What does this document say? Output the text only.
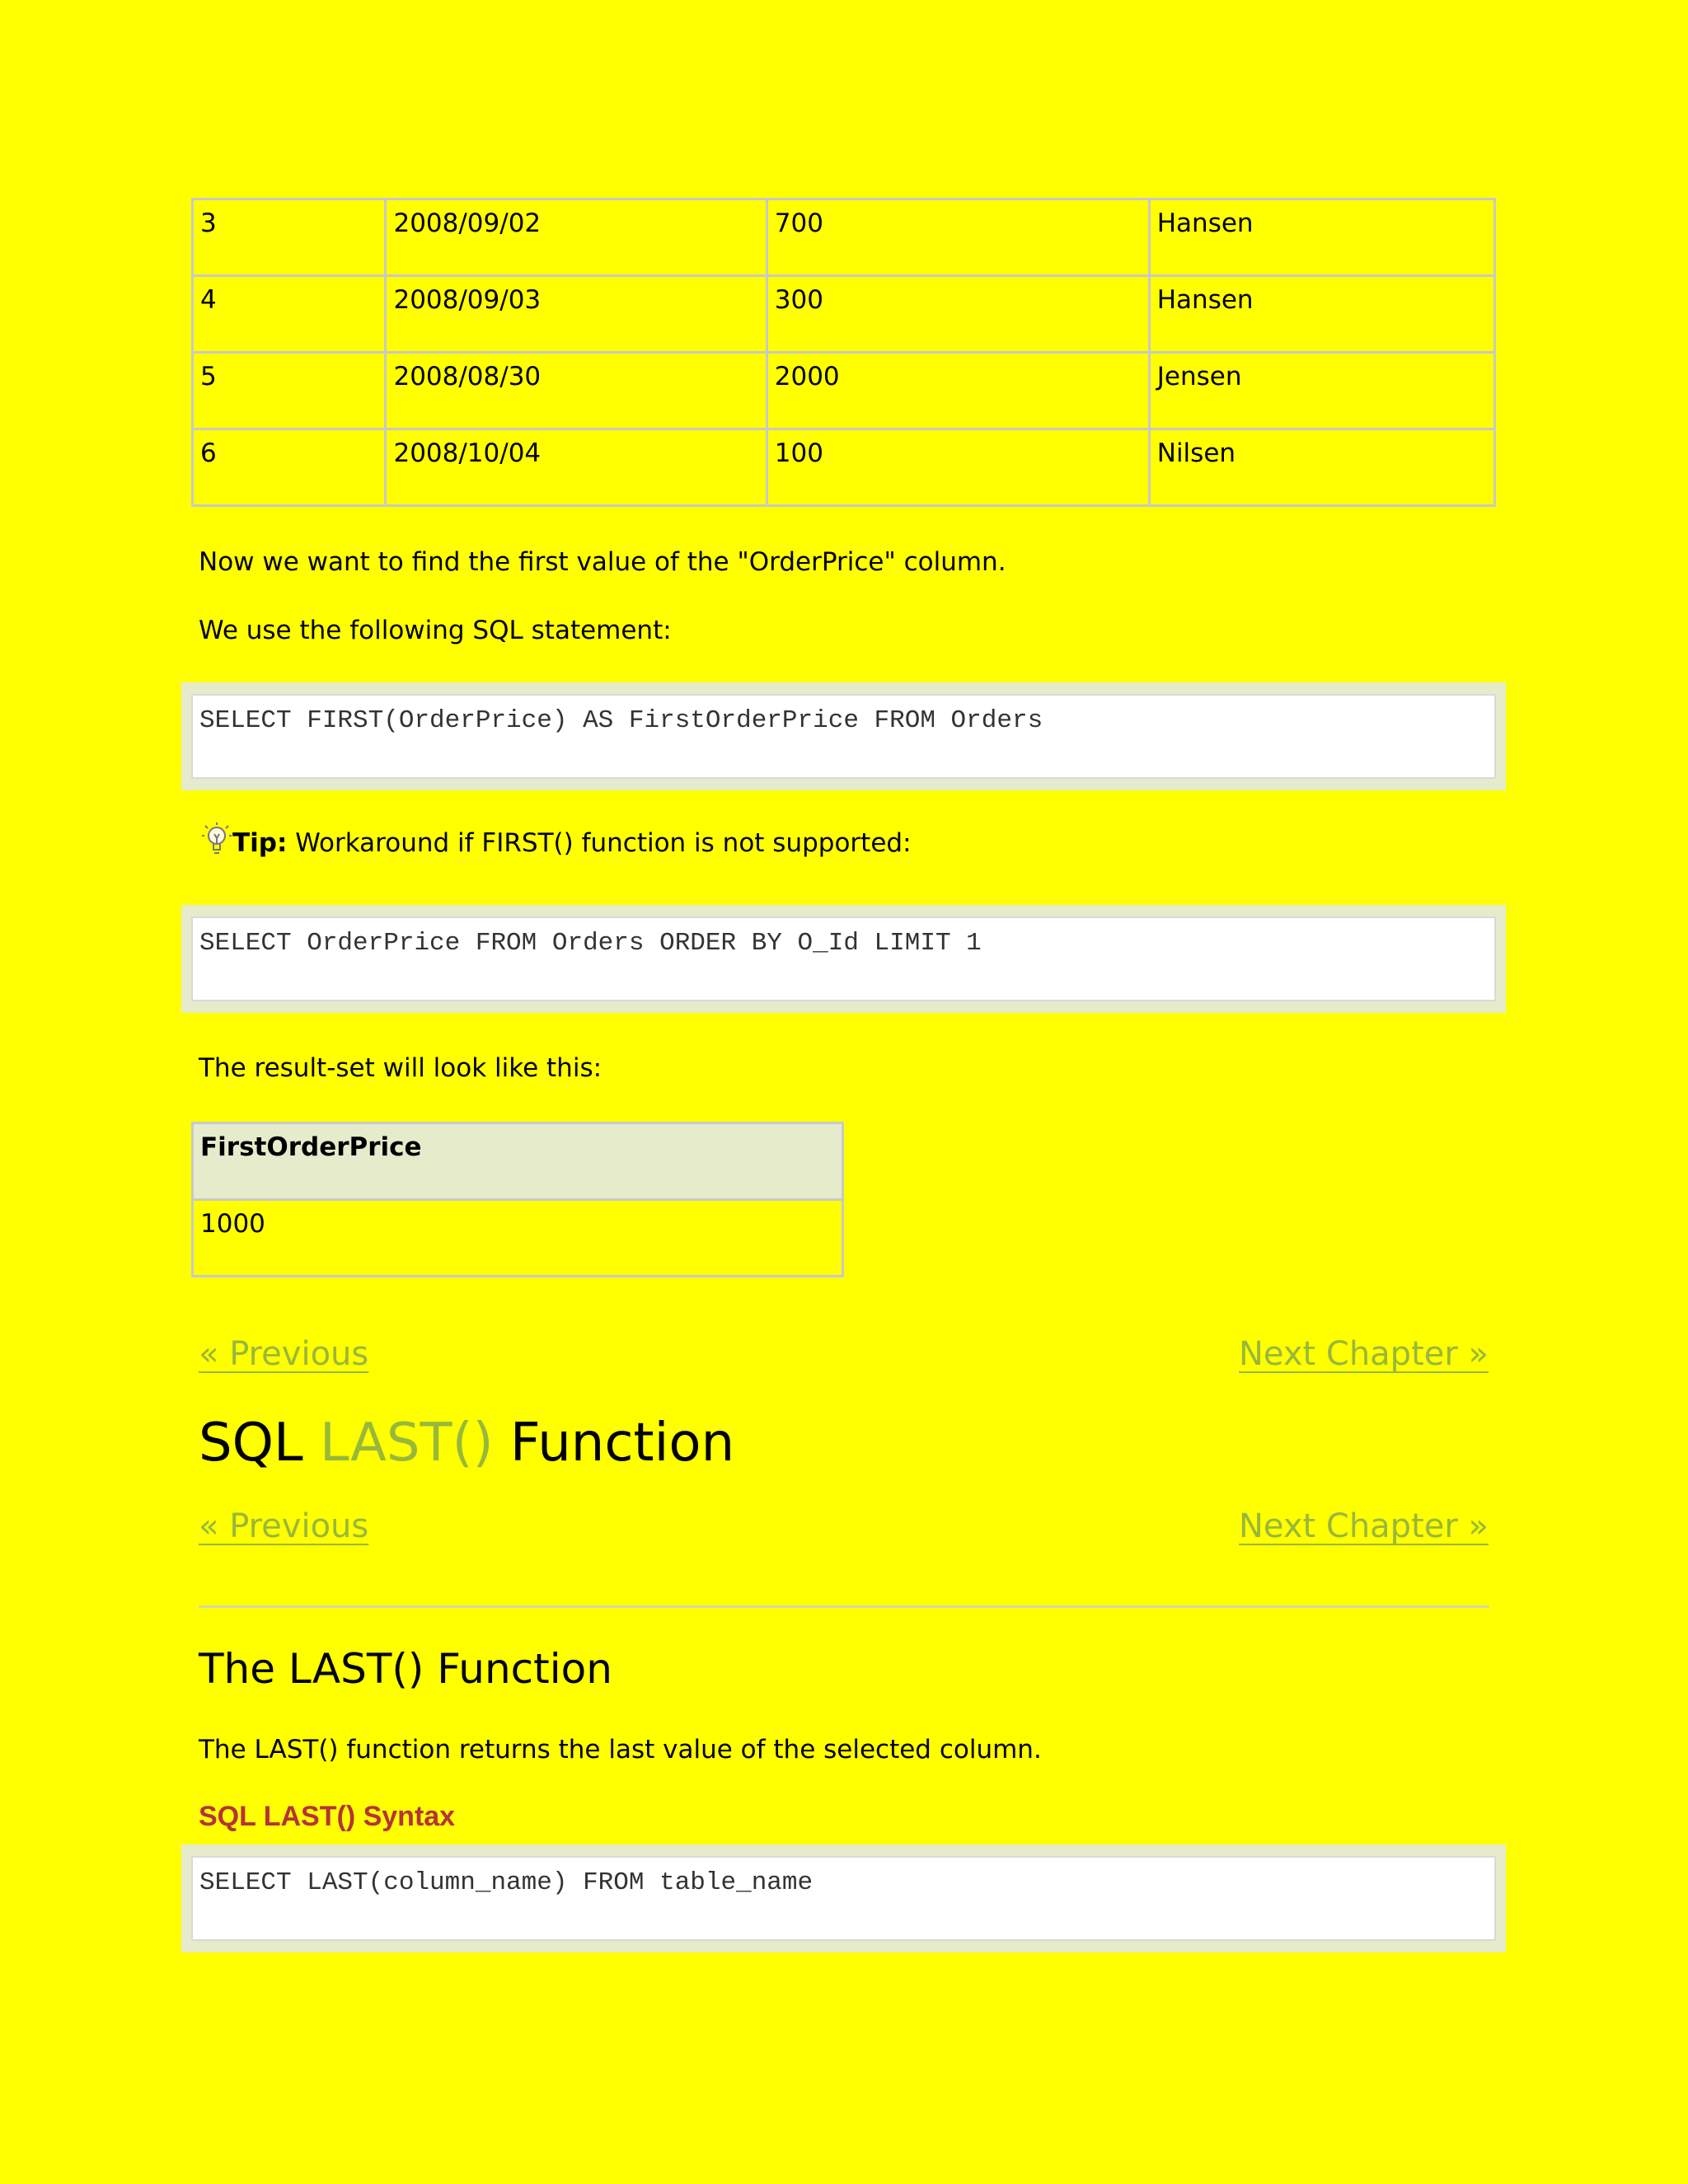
3	2008/09/02	700	Hansen
4	2008/09/03	300	Hansen
5	2008/08/30	2000	Jensen
6	2008/10/04	100	Nilsen

Now we want to find the first value of the "OrderPrice" column.

We use the following SQL statement:

SELECT FIRST(OrderPrice) AS FirstOrderPrice FROM Orders
Tip: Workaround if FIRST() function is not supported:
SELECT OrderPrice FROM Orders ORDER BY O_Id LIMIT 1

The result-set will look like this:

FirstOrderPrice
1000
« Previous	Next Chapter »
SQL LAST() Function
« Previous	Next Chapter »
The LAST() Function

The LAST() function returns the last value of the selected column.

SQL LAST() Syntax
SELECT LAST(column_name) FROM table_name
